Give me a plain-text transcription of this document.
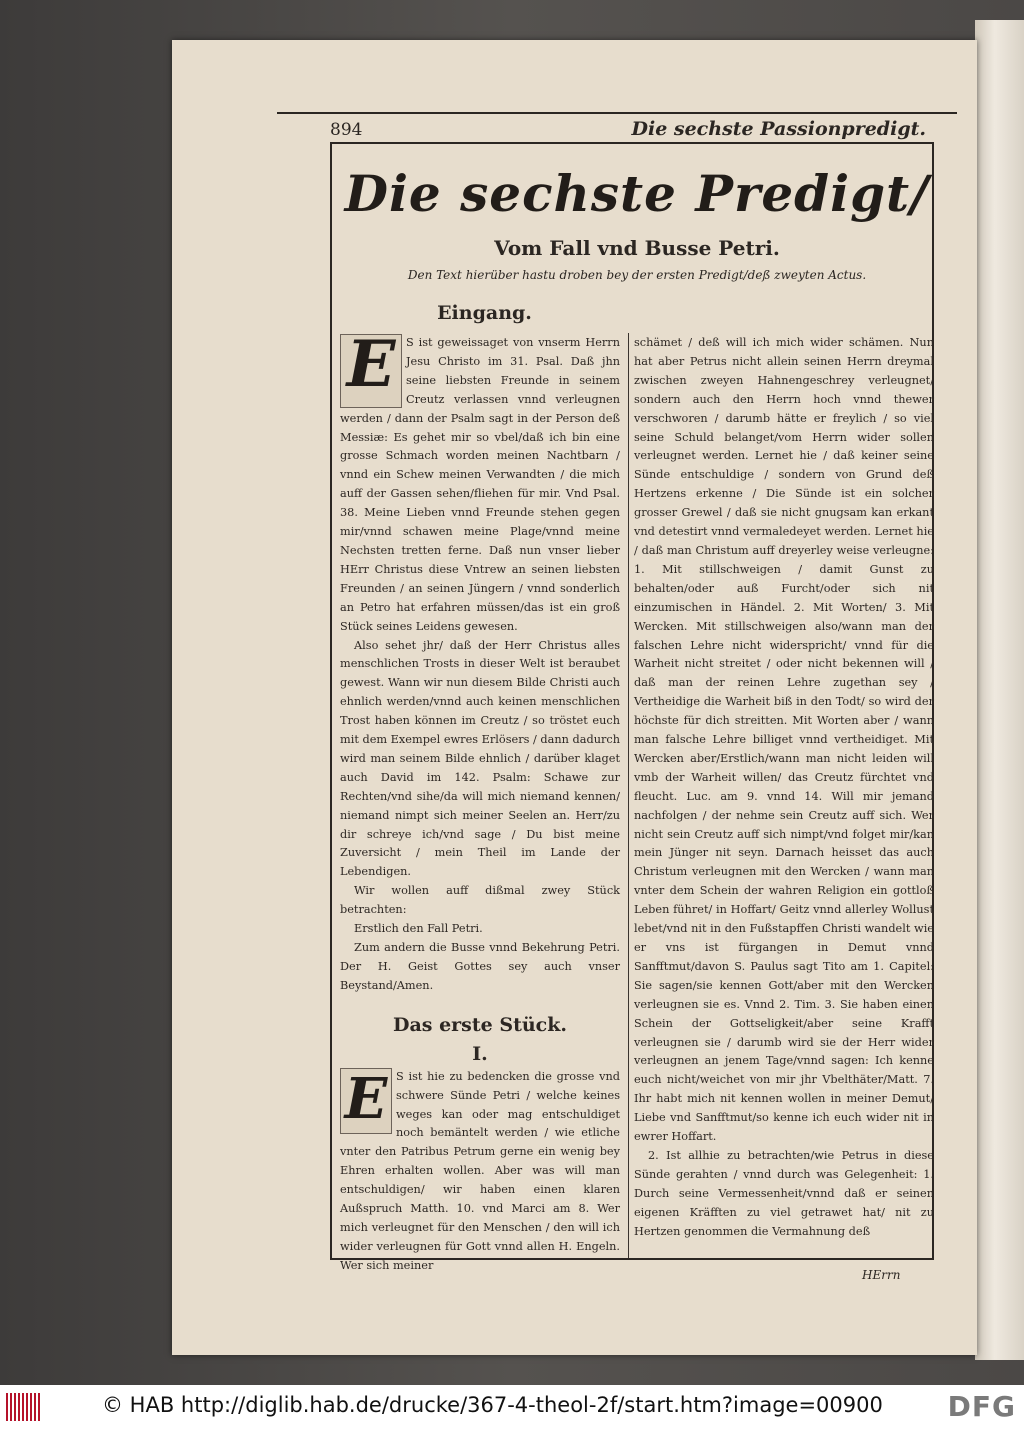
894	Die sechste Passionpredigt.
Die sechste Predigt/
Vom Fall vnd Busse Petri.
Den Text hierüber hastu droben bey der ersten Predigt/deß zweyten Actus.
Eingang.
E S ist geweissaget von vnserm Herrn Jesu Christo im 31. Psal. Daß jhn seine liebsten Freunde in seinem Creutz verlassen vnnd verleugnen werden / dann der Psalm sagt in der Person deß Messiæ: Es gehet mir so vbel/daß ich bin eine grosse Schmach worden meinen Nachtbarn / vnnd ein Schew meinen Verwandten / die mich auff der Gassen sehen/fliehen für mir. Vnd Psal. 38. Meine Lieben vnnd Freunde stehen gegen mir/vnnd schawen meine Plage/vnnd meine Nechsten tretten ferne. Daß nun vnser lieber HErr Christus diese Vntrew an seinen liebsten Freunden / an seinen Jüngern / vnnd sonderlich an Petro hat erfahren müssen/das ist ein groß Stück seines Leidens gewesen.

Also sehet jhr/ daß der Herr Christus alles menschlichen Trosts in dieser Welt ist beraubet gewest. Wann wir nun diesem Bilde Christi auch ehnlich werden/vnnd auch keinen menschlichen Trost haben können im Creutz / so tröstet euch mit dem Exempel ewres Erlösers / dann dadurch wird man seinem Bilde ehnlich / darüber klaget auch David im 142. Psalm: Schawe zur Rechten/vnd sihe/da will mich niemand kennen/ niemand nimpt sich meiner Seelen an. Herr/zu dir schreye ich/vnd sage / Du bist meine Zuversicht / mein Theil im Lande der Lebendigen.

Wir wollen auff dißmal zwey Stück betrachten:

Erstlich den Fall Petri.

Zum andern die Busse vnnd Bekehrung Petri. Der H. Geist Gottes sey auch vnser Beystand/Amen.

Das erste Stück.
I.
E S ist hie zu bedencken die grosse vnd schwere Sünde Petri / welche keines weges kan oder mag entschuldiget noch bemäntelt werden / wie etliche vnter den Patribus Petrum gerne ein wenig bey Ehren erhalten wollen. Aber was will man entschuldigen/ wir haben einen klaren Außspruch Matth. 10. vnd Marci am 8. Wer mich verleugnet für den Menschen / den will ich wider verleugnen für Gott vnnd allen H. Engeln. Wer sich meiner

schämet / deß will ich mich wider schämen. Nun hat aber Petrus nicht allein seinen Herrn dreymal zwischen zweyen Hahnengeschrey verleugnet/ sondern auch den Herrn hoch vnnd thewer verschworen / darumb hätte er freylich / so viel seine Schuld belanget/vom Herrn wider sollen verleugnet werden. Lernet hie / daß keiner seine Sünde entschuldige / sondern von Grund deß Hertzens erkenne / Die Sünde ist ein solcher grosser Grewel / daß sie nicht gnugsam kan erkant vnd detestirt vnnd vermaledeyet werden. Lernet hie / daß man Christum auff dreyerley weise verleugne: 1. Mit stillschweigen / damit Gunst zu behalten/oder auß Furcht/oder sich nit einzumischen in Händel. 2. Mit Worten/ 3. Mit Wercken. Mit stillschweigen also/wann man der falschen Lehre nicht widerspricht/ vnnd für die Warheit nicht streitet / oder nicht bekennen will / daß man der reinen Lehre zugethan sey / Vertheidige die Warheit biß in den Todt/ so wird der höchste für dich streitten. Mit Worten aber / wann man falsche Lehre billiget vnnd vertheidiget. Mit Wercken aber/Erstlich/wann man nicht leiden will vmb der Warheit willen/ das Creutz fürchtet vnd fleucht. Luc. am 9. vnnd 14. Will mir jemand nachfolgen / der nehme sein Creutz auff sich. Wer nicht sein Creutz auff sich nimpt/vnd folget mir/kan mein Jünger nit seyn. Darnach heisset das auch Christum verleugnen mit den Wercken / wann man vnter dem Schein der wahren Religion ein gottloß Leben führet/ in Hoffart/ Geitz vnnd allerley Wollust lebet/vnd nit in den Fußstapffen Christi wandelt wie er vns ist fürgangen in Demut vnnd Sanfftmut/davon S. Paulus sagt Tito am 1. Capitel: Sie sagen/sie kennen Gott/aber mit den Wercken verleugnen sie es. Vnnd 2. Tim. 3. Sie haben einen Schein der Gottseligkeit/aber seine Krafft verleugnen sie / darumb wird sie der Herr wider verleugnen an jenem Tage/vnnd sagen: Ich kenne euch nicht/weichet von mir jhr Vbelthäter/Matt. 7. Ihr habt mich nit kennen wollen in meiner Demut/ Liebe vnd Sanfftmut/so kenne ich euch wider nit in ewrer Hoffart.

2. Ist allhie zu betrachten/wie Petrus in diese Sünde gerahten / vnnd durch was Gelegenheit: 1. Durch seine Vermessenheit/vnnd daß er seinen eigenen Kräfften zu viel getrawet hat/ nit zu Hertzen genommen die Vermahnung deß

HErrn
© HAB http://diglib.hab.de/drucke/367-4-theol-2f/start.htm?image=00900 DFG
